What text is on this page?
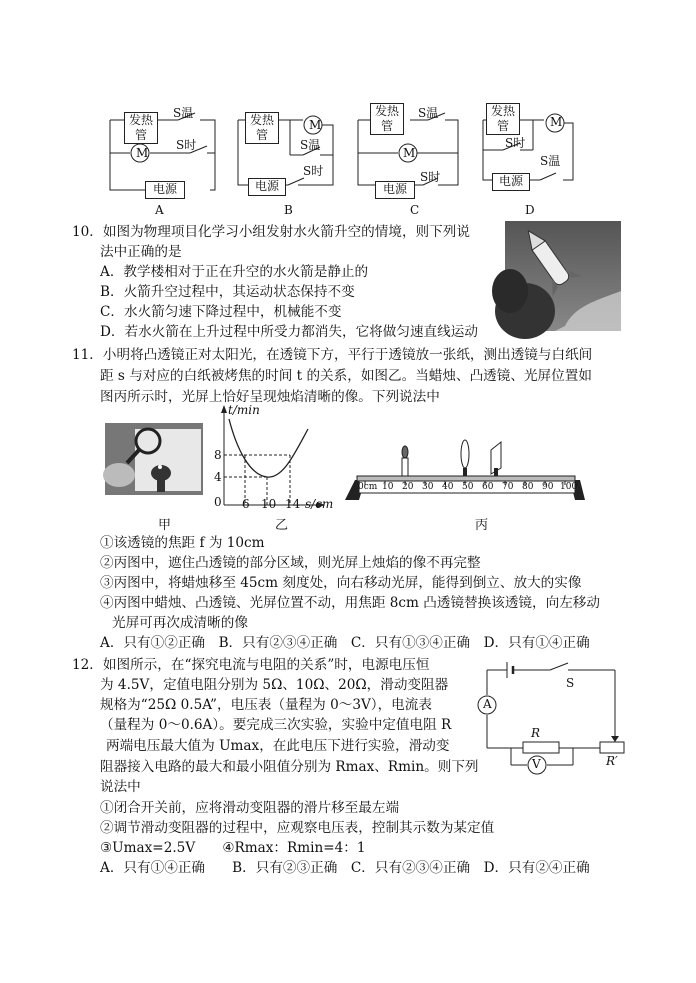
发热管
M
S温
S时
电源
A
发热管
M
S温
S时
电源
B
发热管
M
S温
S时
电源
C
发热管	M
S时
S温
电源
D
10．如图为物理项目化学习小组发射水火箭升空的情境，则下列说
法中正确的是
A．教学楼相对于正在升空的水火箭是静止的
B．火箭升空过程中，其运动状态保持不变
C．水火箭匀速下降过程中，机械能不变
D．若水火箭在上升过程中所受力都消失，它将做匀速直线运动
11．小明将凸透镜正对太阳光，在透镜下方，平行于透镜放一张纸，测出透镜与白纸间
距 s 与对应的白纸被烤焦的时间 t 的关系，如图乙。当蜡烛、凸透镜、光屏位置如
图丙所示时，光屏上恰好呈现烛焰清晰的像。下列说法中
甲
t/min
8
4
0 6 10 14 s/cm
乙
0cm 10 20 30 40 50 60 70 80 90 100
丙
①该透镜的焦距 f 为 10cm
②丙图中，遮住凸透镜的部分区域，则光屏上烛焰的像不再完整
③丙图中，将蜡烛移至 45cm 刻度处，向右移动光屏，能得到倒立、放大的实像
④丙图中蜡烛、凸透镜、光屏位置不动，用焦距 8cm 凸透镜替换该透镜，向左移动
光屏可再次成清晰的像
A．只有①②正确　B．只有②③④正确　C．只有①③④正确　D．只有①④正确
12．如图所示，在“探究电流与电阻的关系”时，电源电压恒
为 4.5V，定值电阻分别为 5Ω、10Ω、20Ω，滑动变阻器
规格为“25Ω 0.5A”，电压表（量程为 0～3V），电流表
（量程为 0～0.6A）。要完成三次实验，实验中定值电阻 R
两端电压最大值为 Umax，在此电压下进行实验，滑动变
阻器接入电路的最大和最小阻值分别为 Rmax、Rmin。则下列
说法中
S
A
V
R
R′
①闭合开关前，应将滑动变阻器的滑片移至最左端
②调节滑动变阻器的过程中，应观察电压表，控制其示数为某定值
③Umax=2.5V　　④Rmax：Rmin=4：1
A．只有①④正确　　B．只有②③正确　C．只有②③④正确　D．只有②④正确
